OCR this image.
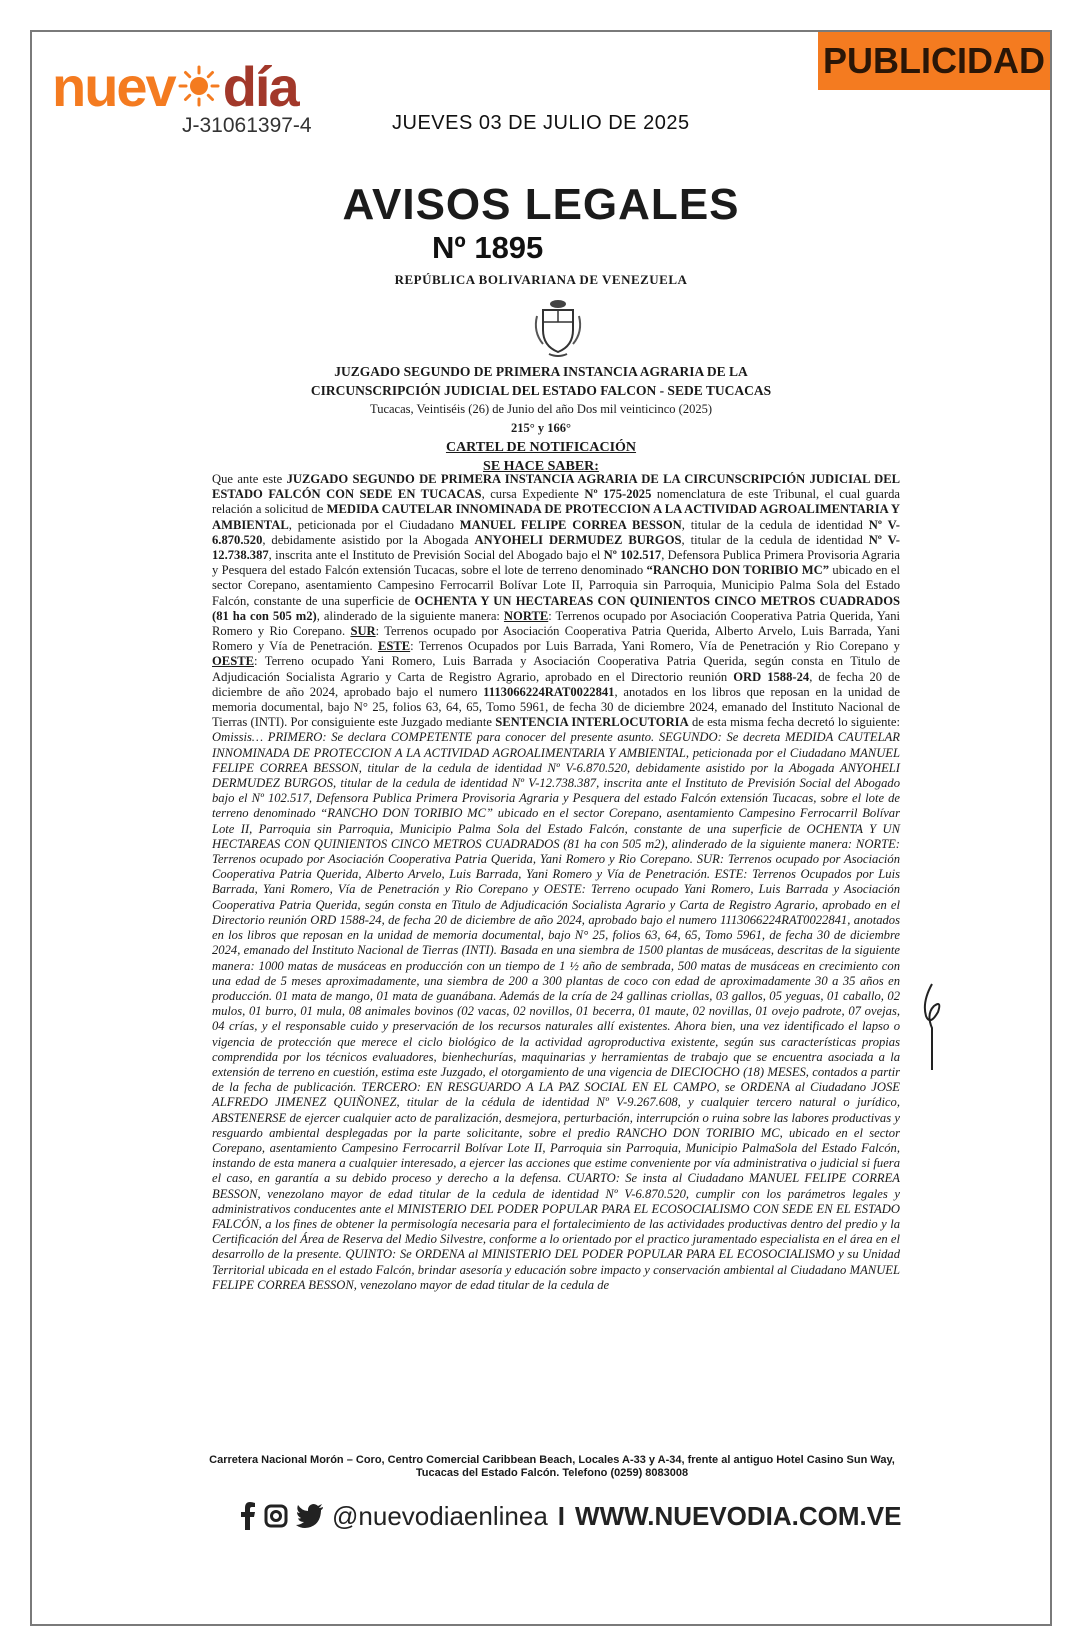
PUBLICIDAD
nuev día
J-31061397-4	JUEVES 03 DE JULIO DE 2025
AVISOS LEGALES
Nº 1895
REPÚBLICA BOLIVARIANA DE VENEZUELA
JUZGADO SEGUNDO DE PRIMERA INSTANCIA AGRARIA DE LA
CIRCUNSCRIPCIÓN JUDICIAL DEL ESTADO FALCON - SEDE TUCACAS
Tucacas, Veintiséis (26) de Junio del año Dos mil veinticinco (2025)
215° y 166°
CARTEL DE NOTIFICACIÓN
SE HACE SABER:
Que ante este JUZGADO SEGUNDO DE PRIMERA INSTANCIA AGRARIA DE LA CIRCUNSCRIPCIÓN JUDICIAL DEL ESTADO FALCÓN CON SEDE EN TUCACAS, cursa Expediente Nº 175-2025 nomenclatura de este Tribunal, el cual guarda relación a solicitud de MEDIDA CAUTELAR INNOMINADA DE PROTECCION A LA ACTIVIDAD AGROALIMENTARIA Y AMBIENTAL, peticionada por el Ciudadano MANUEL FELIPE CORREA BESSON, titular de la cedula de identidad Nº V-6.870.520, debidamente asistido por la Abogada ANYOHELI DERMUDEZ BURGOS, titular de la cedula de identidad Nº V-12.738.387, inscrita ante el Instituto de Previsión Social del Abogado bajo el Nº 102.517, Defensora Publica Primera Provisoria Agraria y Pesquera del estado Falcón extensión Tucacas, sobre el lote de terreno denominado “RANCHO DON TORIBIO MC” ubicado en el sector Corepano, asentamiento Campesino Ferrocarril Bolívar Lote II, Parroquia sin Parroquia, Municipio Palma Sola del Estado Falcón, constante de una superficie de OCHENTA Y UN HECTAREAS CON QUINIENTOS CINCO METROS CUADRADOS (81 ha con 505 m2), alinderado de la siguiente manera: NORTE: Terrenos ocupado por Asociación Cooperativa Patria Querida, Yani Romero y Rio Corepano. SUR: Terrenos ocupado por Asociación Cooperativa Patria Querida, Alberto Arvelo, Luis Barrada, Yani Romero y Vía de Penetración. ESTE: Terrenos Ocupados por Luis Barrada, Yani Romero, Vía de Penetración y Rio Corepano y OESTE: Terreno ocupado Yani Romero, Luis Barrada y Asociación Cooperativa Patria Querida, según consta en Titulo de Adjudicación Socialista Agrario y Carta de Registro Agrario, aprobado en el Directorio reunión ORD 1588-24, de fecha 20 de diciembre de año 2024, aprobado bajo el numero 1113066224RAT0022841, anotados en los libros que reposan en la unidad de memoria documental, bajo N° 25, folios 63, 64, 65, Tomo 5961, de fecha 30 de diciembre 2024, emanado del Instituto Nacional de Tierras (INTI). Por consiguiente este Juzgado mediante SENTENCIA INTERLOCUTORIA de esta misma fecha decretó lo siguiente: Omissis… PRIMERO: Se declara COMPETENTE para conocer del presente asunto. SEGUNDO: Se decreta MEDIDA CAUTELAR INNOMINADA DE PROTECCION A LA ACTIVIDAD AGROALIMENTARIA Y AMBIENTAL, peticionada por el Ciudadano MANUEL FELIPE CORREA BESSON, titular de la cedula de identidad Nº V-6.870.520, debidamente asistido por la Abogada ANYOHELI DERMUDEZ BURGOS, titular de la cedula de identidad Nº V-12.738.387, inscrita ante el Instituto de Previsión Social del Abogado bajo el Nº 102.517, Defensora Publica Primera Provisoria Agraria y Pesquera del estado Falcón extensión Tucacas, sobre el lote de terreno denominado “RANCHO DON TORIBIO MC” ubicado en el sector Corepano, asentamiento Campesino Ferrocarril Bolívar Lote II, Parroquia sin Parroquia, Municipio Palma Sola del Estado Falcón, constante de una superficie de OCHENTA Y UN HECTAREAS CON QUINIENTOS CINCO METROS CUADRADOS (81 ha con 505 m2), alinderado de la siguiente manera: NORTE: Terrenos ocupado por Asociación Cooperativa Patria Querida, Yani Romero y Rio Corepano. SUR: Terrenos ocupado por Asociación Cooperativa Patria Querida, Alberto Arvelo, Luis Barrada, Yani Romero y Vía de Penetración. ESTE: Terrenos Ocupados por Luis Barrada, Yani Romero, Vía de Penetración y Rio Corepano y OESTE: Terreno ocupado Yani Romero, Luis Barrada y Asociación Cooperativa Patria Querida, según consta en Titulo de Adjudicación Socialista Agrario y Carta de Registro Agrario, aprobado en el Directorio reunión ORD 1588-24, de fecha 20 de diciembre de año 2024, aprobado bajo el numero 1113066224RAT0022841, anotados en los libros que reposan en la unidad de memoria documental, bajo N° 25, folios 63, 64, 65, Tomo 5961, de fecha 30 de diciembre 2024, emanado del Instituto Nacional de Tierras (INTI). Basada en una siembra de 1500 plantas de musáceas, descritas de la siguiente manera: 1000 matas de musáceas en producción con un tiempo de 1 ½ año de sembrada, 500 matas de musáceas en crecimiento con una edad de 5 meses aproximadamente, una siembra de 200 a 300 plantas de coco con edad de aproximadamente 30 a 35 años en producción. 01 mata de mango, 01 mata de guanábana. Además de la cría de 24 gallinas criollas, 03 gallos, 05 yeguas, 01 caballo, 02 mulos, 01 burro, 01 mula, 08 animales bovinos (02 vacas, 02 novillos, 01 becerra, 01 maute, 02 novillas, 01 ovejo padrote, 07 ovejas, 04 crías, y el responsable cuido y preservación de los recursos naturales allí existentes. Ahora bien, una vez identificado el lapso o vigencia de protección que merece el ciclo biológico de la actividad agroproductiva existente, según sus características propias comprendida por los técnicos evaluadores, bienhechurías, maquinarias y herramientas de trabajo que se encuentra asociada a la extensión de terreno en cuestión, estima este Juzgado, el otorgamiento de una vigencia de DIECIOCHO (18) MESES, contados a partir de la fecha de publicación. TERCERO: EN RESGUARDO A LA PAZ SOCIAL EN EL CAMPO, se ORDENA al Ciudadano JOSE ALFREDO JIMENEZ QUIÑONEZ, titular de la cédula de identidad Nº V-9.267.608, y cualquier tercero natural o jurídico, ABSTENERSE de ejercer cualquier acto de paralización, desmejora, perturbación, interrupción o ruina sobre las labores productivas y resguardo ambiental desplegadas por la parte solicitante, sobre el predio RANCHO DON TORIBIO MC, ubicado en el sector Corepano, asentamiento Campesino Ferrocarril Bolívar Lote II, Parroquia sin Parroquia, Municipio PalmaSola del Estado Falcón, instando de esta manera a cualquier interesado, a ejercer las acciones que estime conveniente por vía administrativa o judicial si fuera el caso, en garantía a su debido proceso y derecho a la defensa. CUARTO: Se insta al Ciudadano MANUEL FELIPE CORREA BESSON, venezolano mayor de edad titular de la cedula de identidad Nº V-6.870.520, cumplir con los parámetros legales y administrativos conducentes ante el MINISTERIO DEL PODER POPULAR PARA EL ECOSOCIALISMO CON SEDE EN EL ESTADO FALCÓN, a los fines de obtener la permisología necesaria para el fortalecimiento de las actividades productivas dentro del predio y la Certificación del Área de Reserva del Medio Silvestre, conforme a lo orientado por el practico juramentado especialista en el área en el desarrollo de la presente. QUINTO: Se ORDENA al MINISTERIO DEL PODER POPULAR PARA EL ECOSOCIALISMO y su Unidad Territorial ubicada en el estado Falcón, brindar asesoría y educación sobre impacto y conservación ambiental al Ciudadano MANUEL FELIPE CORREA BESSON, venezolano mayor de edad titular de la cedula de
Carretera Nacional Morón – Coro, Centro Comercial Caribbean Beach, Locales A-33 y A-34, frente al antiguo Hotel Casino Sun Way, Tucacas del Estado Falcón. Telefono (0259) 8083008
@nuevodiaenlinea I WWW.NUEVODIA.COM.VE
